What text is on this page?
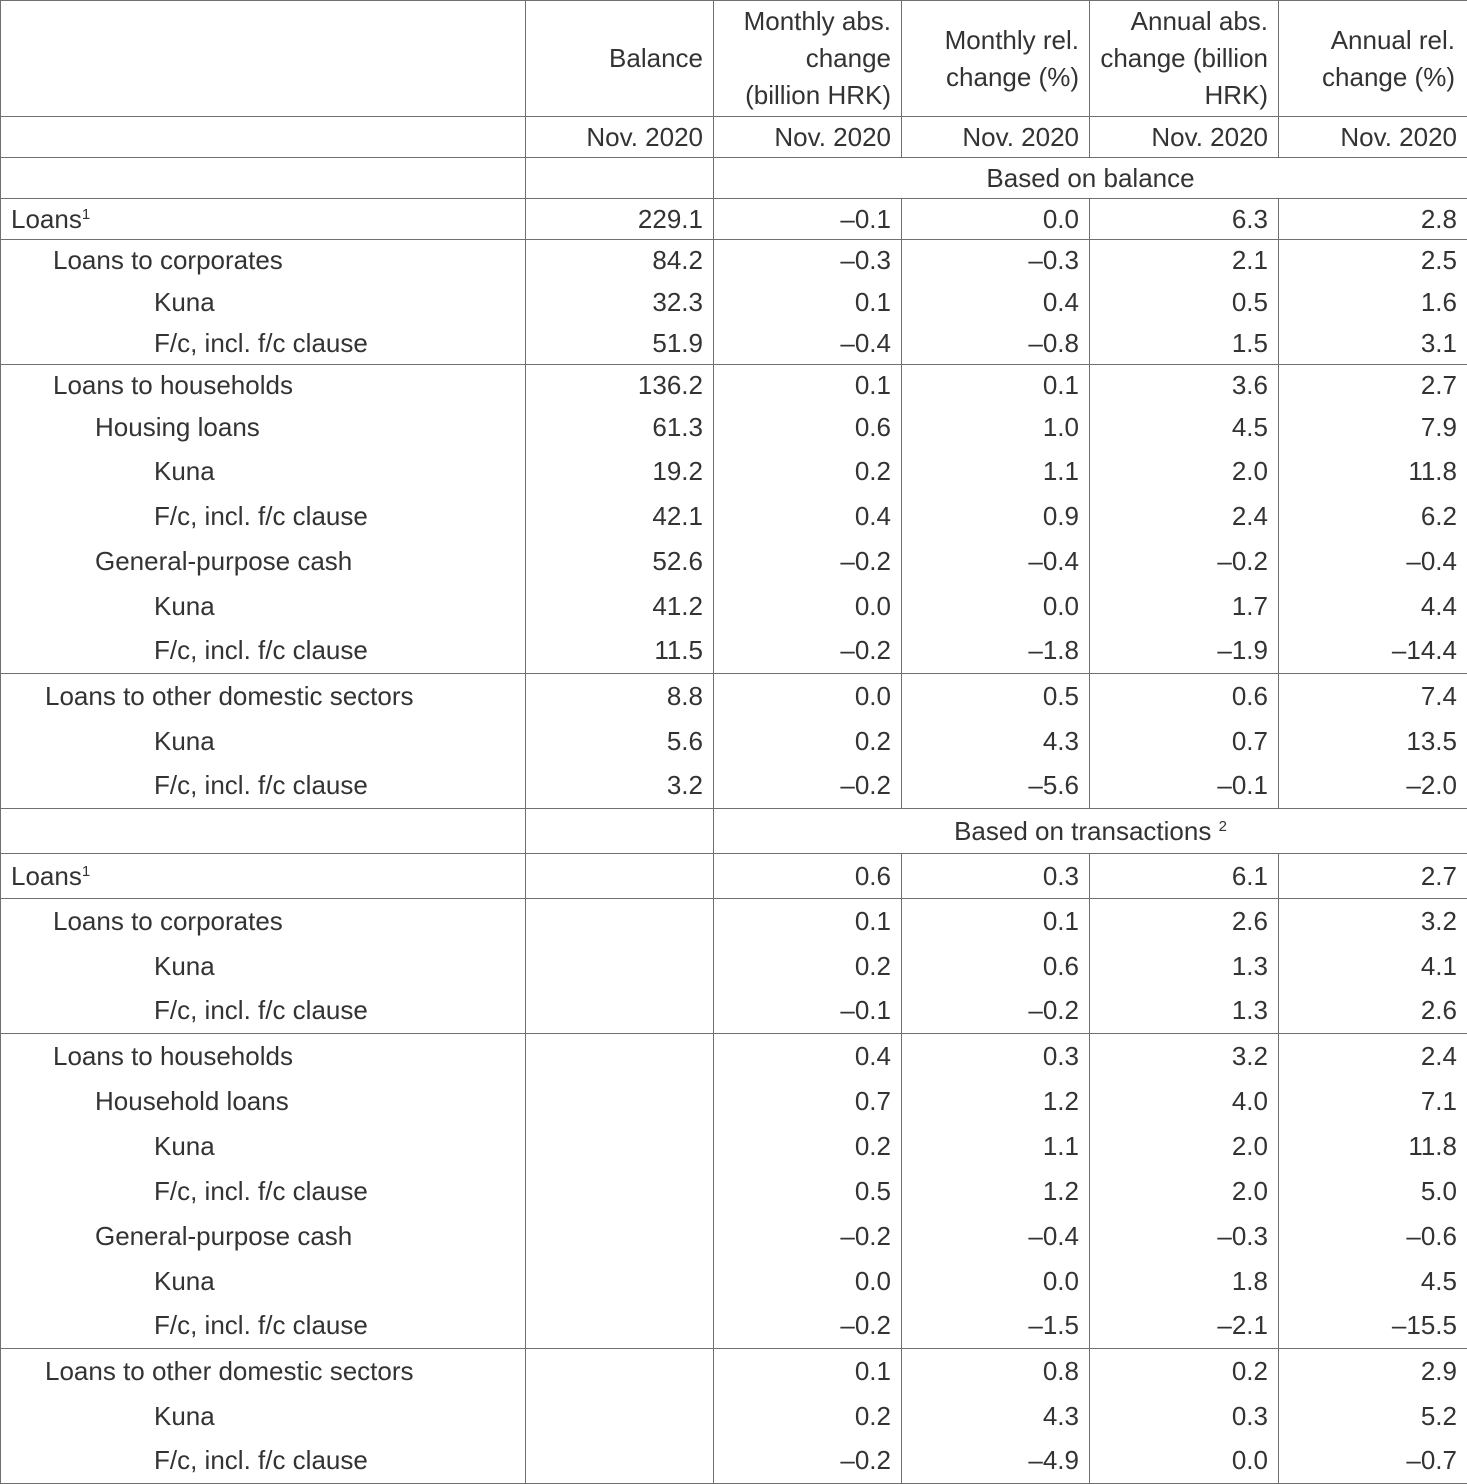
	Balance	Monthly abs. change (billion HRK)	Monthly rel. change (%)	Annual abs. change (billion HRK)	Annual rel. change (%)
	Nov. 2020	Nov. 2020	Nov. 2020	Nov. 2020	Nov. 2020
		Based on balance			
Loans$^1$	229.1	–0.1	0.0	6.3	2.8
Loans to corporates	84.2	–0.3	–0.3	2.1	2.5
Kuna	32.3	0.1	0.4	0.5	1.6
F/c, incl. f/c clause	51.9	–0.4	–0.8	1.5	3.1
Loans to households	136.2	0.1	0.1	3.6	2.7
Housing loans	61.3	0.6	1.0	4.5	7.9
Kuna	19.2	0.2	1.1	2.0	11.8
F/c, incl. f/c clause	42.1	0.4	0.9	2.4	6.2
General-purpose cash	52.6	–0.2	–0.4	–0.2	–0.4
Kuna	41.2	0.0	0.0	1.7	4.4
F/c, incl. f/c clause	11.5	–0.2	–1.8	–1.9	–14.4
Loans to other domestic sectors	8.8	0.0	0.5	0.6	7.4
Kuna	5.6	0.2	4.3	0.7	13.5
F/c, incl. f/c clause	3.2	–0.2	–5.6	–0.1	–2.0
		Based on transactions $^2$
Loans$^1$		0.6	0.3	6.1	2.7
Loans to corporates		0.1	0.1	2.6	3.2
Kuna		0.2	0.6	1.3	4.1
F/c, incl. f/c clause		–0.1	–0.2	1.3	2.6
Loans to households		0.4	0.3	3.2	2.4
Household loans		0.7	1.2	4.0	7.1
Kuna		0.2	1.1	2.0	11.8
F/c, incl. f/c clause		0.5	1.2	2.0	5.0
General-purpose cash		–0.2	–0.4	–0.3	–0.6
Kuna		0.0	0.0	1.8	4.5
F/c, incl. f/c clause		–0.2	–1.5	–2.1	–15.5
Loans to other domestic sectors		0.1	0.8	0.2	2.9
Kuna		0.2	4.3	0.3	5.2
F/c, incl. f/c clause		–0.2	–4.9	0.0	–0.7
